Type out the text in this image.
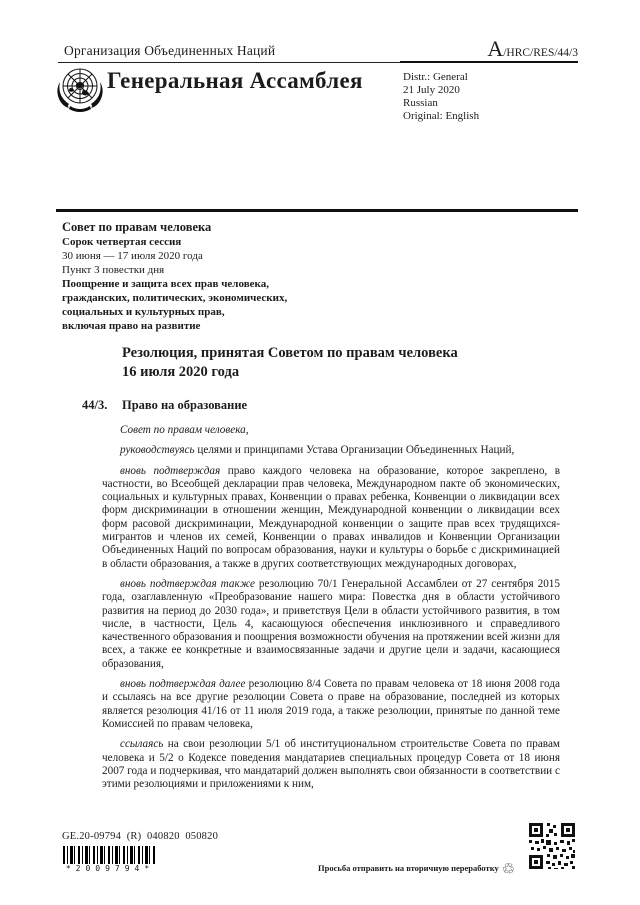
Организация Объединенных Наций	A/HRC/RES/44/3
Генеральная Ассамблея	Distr.: General
21 July 2020
Russian
Original: English
Совет по правам человека
Сорок четвертая сессия
30 июня — 17 июля 2020 года
Пункт 3 повестки дня
Поощрение и защита всех прав человека,
гражданских, политических, экономических,
социальных и культурных прав,
включая право на развитие
Резолюция, принятая Советом по правам человека
16 июля 2020 года
44/3. Право на образование

Совет по правам человека,

руководствуясь целями и принципами Устава Организации Объединенных Наций,

вновь подтверждая право каждого человека на образование, которое закреплено, в частности, во Всеобщей декларации прав человека, Международном пакте об экономических, социальных и культурных правах, Конвенции о правах ребенка, Конвенции о ликвидации всех форм дискриминации в отношении женщин, Международной конвенции о ликвидации всех форм расовой дискриминации, Международной конвенции о защите прав всех трудящихся-мигрантов и членов их семей, Конвенции о правах инвалидов и Конвенции Организации Объединенных Наций по вопросам образования, науки и культуры о борьбе с дискриминацией в области образования, а также в других соответствующих международных договорах,

вновь подтверждая также резолюцию 70/1 Генеральной Ассамблеи от 27 сентября 2015 года, озаглавленную «Преобразование нашего мира: Повестка дня в области устойчивого развития на период до 2030 года», и приветствуя Цели в области устойчивого развития, в том числе, в частности, Цель 4, касающуюся обеспечения инклюзивного и справедливого качественного образования и поощрения возможности обучения на протяжении всей жизни для всех, а также ее конкретные и взаимосвязанные задачи и другие цели и задачи, касающиеся образования,

вновь подтверждая далее резолюцию 8/4 Совета по правам человека от 18 июня 2008 года и ссылаясь на все другие резолюции Совета о праве на образование, последней из которых является резолюция 41/16 от 11 июля 2019 года, а также резолюции, принятые по данной теме Комиссией по правам человека,

ссылаясь на свои резолюции 5/1 об институциональном строительстве Совета по правам человека и 5/2 о Кодексе поведения мандатариев специальных процедур Совета от 18 июня 2007 года и подчеркивая, что мандатарий должен выполнять свои обязанности в соответствии с этими резолюциями и приложениями к ним,

GE.20-09794  (R)  040820  050820
*2009794*	Просьба отправить на вторичную переработку ♲
